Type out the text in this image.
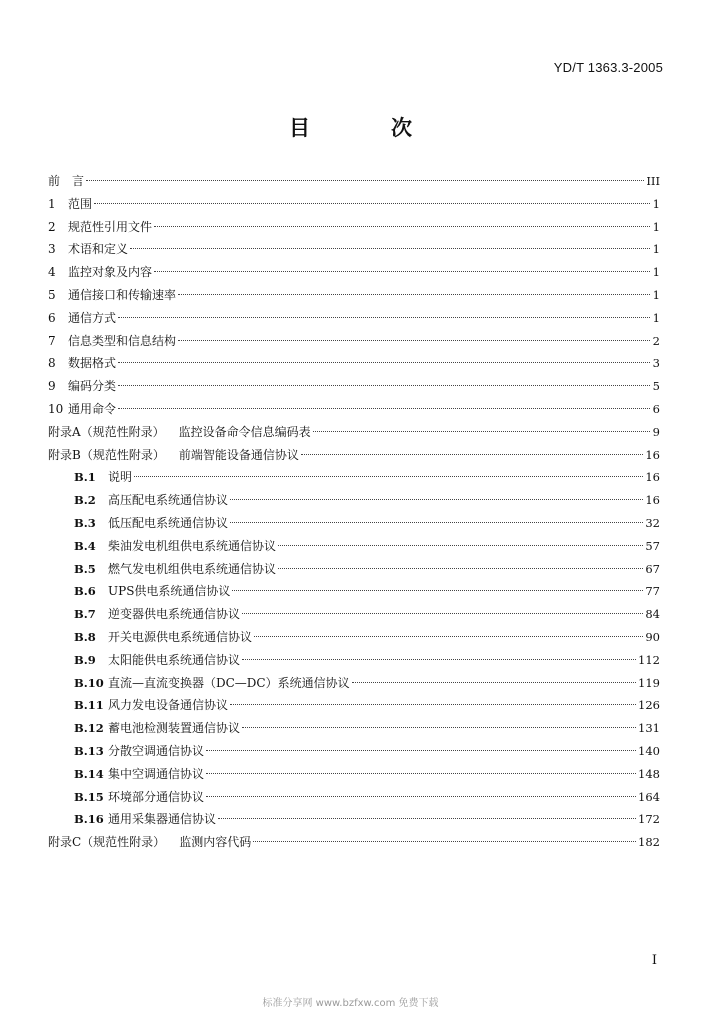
YD/T 1363.3-2005
目　次
前　言	III
1	范围	1
2	规范性引用文件	1
3	术语和定义	1
4	监控对象及内容	1
5	通信接口和传输速率	1
6	通信方式	1
7	信息类型和信息结构	2
8	数据格式	3
9	编码分类	5
10 通用命令	6
附录A（规范性附录） 监控设备命令信息编码表	9
附录B（规范性附录） 前端智能设备通信协议	16
B.1	说明	16
B.2	高压配电系统通信协议	16
B.3	低压配电系统通信协议	32
B.4	柴油发电机组供电系统通信协议	57
B.5	燃气发电机组供电系统通信协议	67
B.6	UPS供电系统通信协议	77
B.7	逆变器供电系统通信协议	84
B.8	开关电源供电系统通信协议	90
B.9	太阳能供电系统通信协议	112
B.10 直流—直流变换器（DC—DC）系统通信协议	119
B.11 风力发电设备通信协议	126
B.12 蓄电池检测装置通信协议	131
B.13 分散空调通信协议	140
B.14 集中空调通信协议	148
B.15 环境部分通信协议	164
B.16 通用采集器通信协议	172
附录C（规范性附录） 监测内容代码	182
I
标准分享网 www.bzfxw.com 免费下载
